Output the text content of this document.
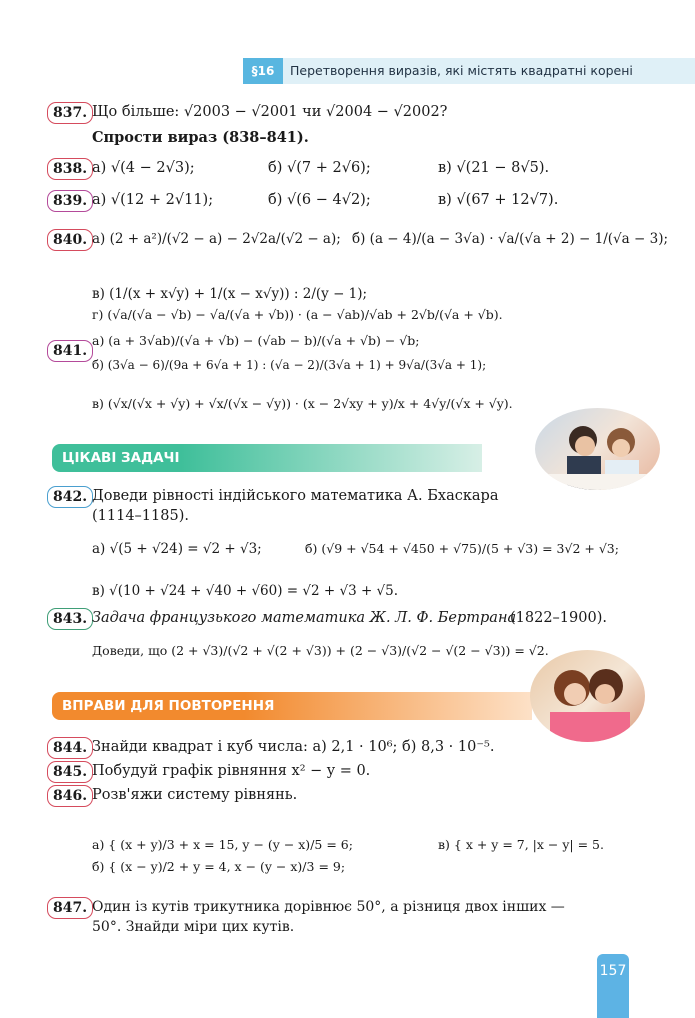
§16	Перетворення виразів, які містять квадратні корені
837. Що більше: √2003 − √2001 чи √2004 − √2002?
Спрости вираз (838–841).
838. а) √(4 − 2√3);	б) √(7 + 2√6);	в) √(21 − 8√5).
839. а) √(12 + 2√11);	б) √(6 − 4√2);	в) √(67 + 12√7).
840. а) (2 + a²)/(√2 − a) − 2√2a/(√2 − a); б) (a − 4)/(a − 3√a) · √a/(√a + 2) − 1/(√a − 3);
в) (1/(x + x√y) + 1/(x − x√y)) : 2/(y − 1);
г) (√a/(√a − √b) − √a/(√a + √b)) · (a − √ab)/√ab + 2√b/(√a + √b).
841.
а) (a + 3√ab)/(√a + √b) − (√ab − b)/(√a + √b) − √b;
б) (3√a − 6)/(9a + 6√a + 1) : (√a − 2)/(3√a + 1) + 9√a/(3√a + 1);
в) (√x/(√x + √y) + √x/(√x − √y)) · (x − 2√xy + y)/x + 4√y/(√x + √y).
ЦІКАВІ ЗАДАЧІ
842. Доведи рівності індійського математика А. Бхаскара
(1114–1185).
а) √(5 + √24) = √2 + √3;	б) (√9 + √54 + √450 + √75)/(5 + √3) = 3√2 + √3;
в) √(10 + √24 + √40 + √60) = √2 + √3 + √5.
843. Задача французького математика Ж. Л. Ф. Бертрана
(1822–1900).
Доведи, що (2 + √3)/(√2 + √(2 + √3)) + (2 − √3)/(√2 − √(2 − √3)) = √2.
ВПРАВИ ДЛЯ ПОВТОРЕННЯ
844. Знайди квадрат і куб числа: а) 2,1 · 10⁶; б) 8,3 · 10⁻⁵.
845. Побудуй графік рівняння x² − y = 0.
846. Розв'яжи систему рівнянь.
а) { (x + y)/3 + x = 15, y − (y − x)/5 = 6;
б) { (x − y)/2 + y = 4, x − (y − x)/3 = 9;
в) { x + y = 7, |x − y| = 5.
847. Один із кутів трикутника дорівнює 50°, а різниця двох інших —
50°. Знайди міри цих кутів.
157
